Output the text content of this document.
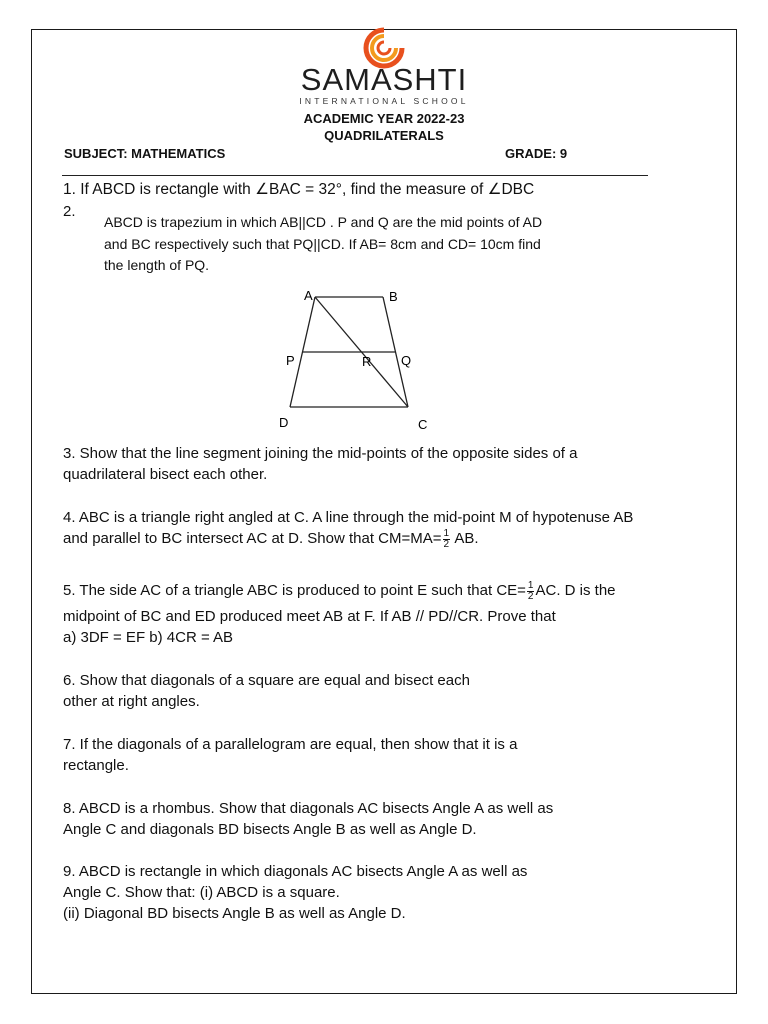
SAMASHTI
INTERNATIONAL SCHOOL
ACADEMIC YEAR 2022-23
QUADRILATERALS
SUBJECT: MATHEMATICS	GRADE: 9
1. If ABCD is rectangle with ∠BAC = 32°, find the measure of ∠DBC
2.
ABCD is trapezium in which AB||CD . P and Q are the mid points of AD
and BC respectively such that PQ||CD. If AB= 8cm and CD= 10cm find
the length of PQ.
A	B
P	R Q
D	C
3. Show that the line segment joining the mid-points of the opposite sides of a
quadrilateral bisect each other.
4. ABC is a triangle right angled at C. A line through the mid-point M of hypotenuse AB
and parallel to BC intersect AC at D. Show that $CM=MA= \frac{1}{2}$ AB.
5. The side AC of a triangle ABC is produced to point E such that $CE= \frac{1}{2}$ AC. D is the
midpoint of BC and ED produced meet AB at F. If AB // PD//CR. Prove that
a) 3DF = EF b) 4CR = AB
6. Show that diagonals of a square are equal and bisect each
other at right angles.
7. If the diagonals of a parallelogram are equal, then show that it is a
rectangle.
8. ABCD is a rhombus. Show that diagonals AC bisects Angle A as well as
Angle C and diagonals BD bisects Angle B as well as Angle D.
9. ABCD is rectangle in which diagonals AC bisects Angle A as well as
Angle C. Show that: (i) ABCD is a square.
(ii) Diagonal BD bisects Angle B as well as Angle D.
